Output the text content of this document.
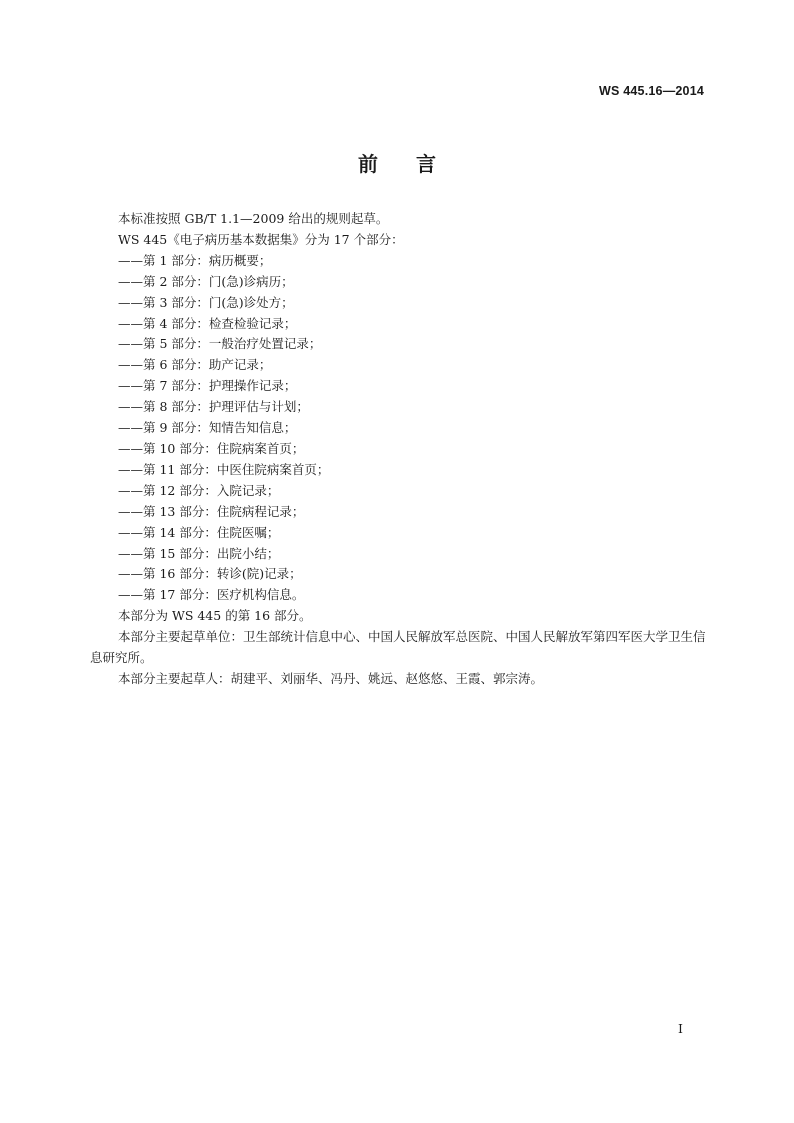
WS 445.16—2014
前言

本标准按照 GB/T 1.1—2009 给出的规则起草。

WS 445《电子病历基本数据集》分为 17 个部分：

——第 1 部分：病历概要；
——第 2 部分：门(急)诊病历；
——第 3 部分：门(急)诊处方；
——第 4 部分：检查检验记录；
——第 5 部分：一般治疗处置记录；
——第 6 部分：助产记录；
——第 7 部分：护理操作记录；
——第 8 部分：护理评估与计划；
——第 9 部分：知情告知信息；
——第 10 部分：住院病案首页；
——第 11 部分：中医住院病案首页；
——第 12 部分：入院记录；
——第 13 部分：住院病程记录；
——第 14 部分：住院医嘱；
——第 15 部分：出院小结；
——第 16 部分：转诊(院)记录；
——第 17 部分：医疗机构信息。

本部分为 WS 445 的第 16 部分。

本部分主要起草单位：卫生部统计信息中心、中国人民解放军总医院、中国人民解放军第四军医大学卫生信息研究所。

本部分主要起草人：胡建平、刘丽华、冯丹、姚远、赵悠悠、王霞、郭宗涛。

I
